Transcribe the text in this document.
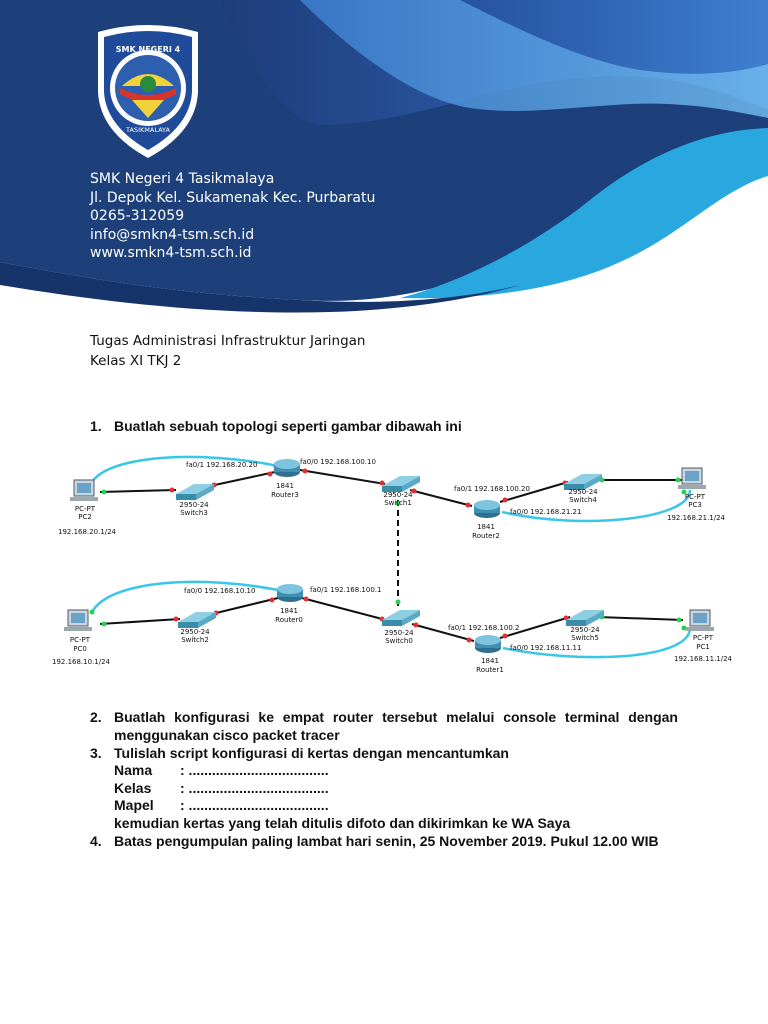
SMK NEGERI 4
TASIKMALAYA
SMK Negeri 4 Tasikmalaya
Jl. Depok Kel. Sukamenak Kec. Purbaratu
0265-312059
info@smkn4-tsm.sch.id
www.smkn4-tsm.sch.id
Tugas Administrasi Infrastruktur Jaringan
Kelas XI TKJ 2
1. Buatlah sebuah topologi seperti gambar dibawah ini
fa0/1 192.168.20.20	fa0/0 192.168.100.10
1841
Router3
fa0/1 192.168.100.20
fa0/0 192.168.21.21
1841
Router2
fa0/0 192.168.10.10	fa0/1 192.168.100.1
1841
Router0
fa0/1 192.168.100.2
fa0/0 192.168.11.11
1841
Router1
2950-24
Switch3
2950-24
Switch1
2950-24
Switch4
2950-24
Switch2
2950-24
Switch0
2950-24
Switch5
PC-PT
PC2
192.168.20.1/24
PC-PT
PC3
192.168.21.1/24
PC-PT
PC0
192.168.10.1/24
PC-PT
PC1
192.168.11.1/24
2. Buatlah konfigurasi ke empat router tersebut melalui console terminal dengan menggunakan cisco packet tracer
3. Tulislah script konfigurasi di kertas dengan mencantumkan
Nama : ....................................
Kelas : ....................................
Mapel : ....................................
kemudian kertas yang telah ditulis difoto dan dikirimkan ke WA Saya
4. Batas pengumpulan paling lambat hari senin, 25 November 2019. Pukul 12.00 WIB
